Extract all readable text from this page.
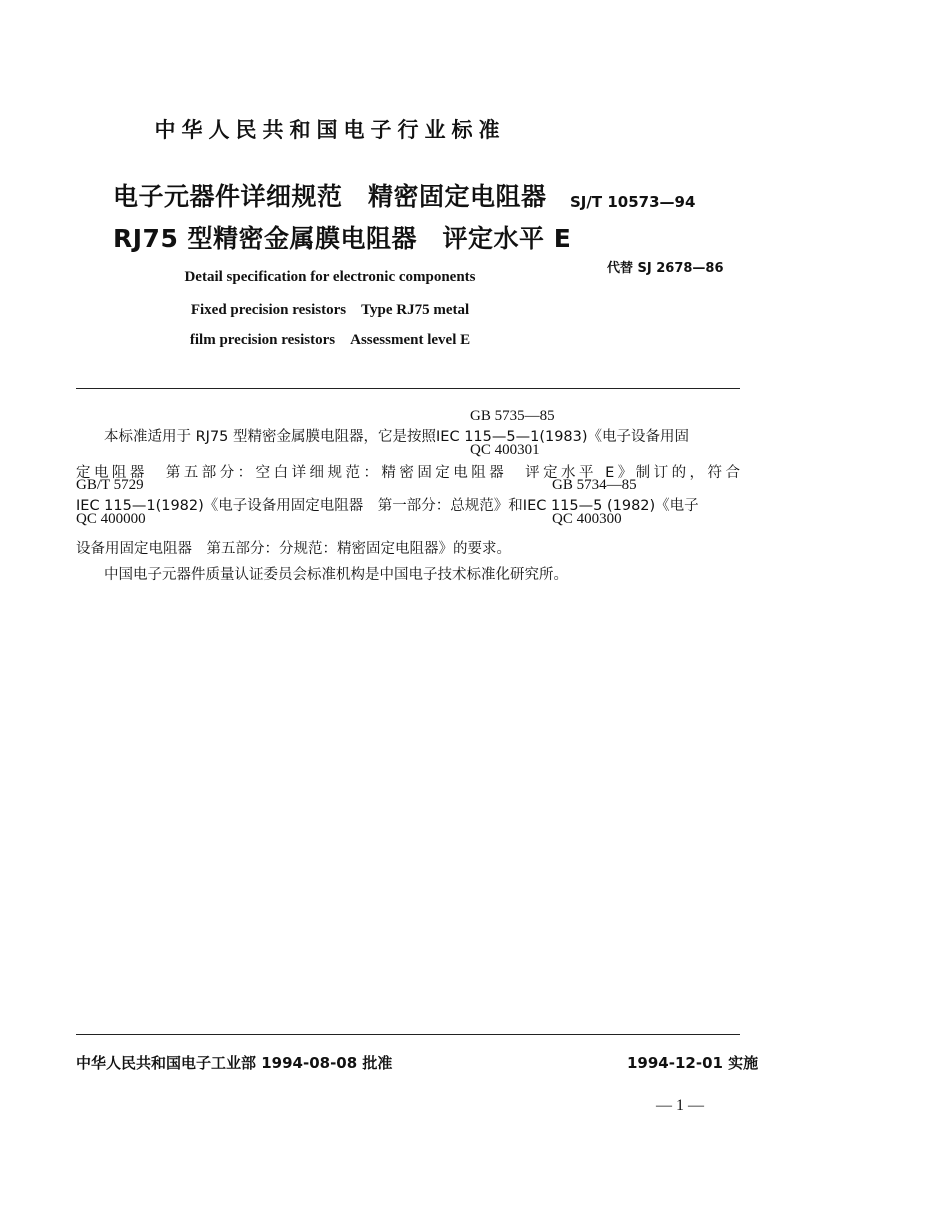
中华人民共和国电子行业标准
电子元器件详细规范　精密固定电阻器
RJ75 型精密金属膜电阻器　评定水平 E
SJ/T 10573—94
代替 SJ 2678—86
Detail specification for electronic components
Fixed precision resistors　Type RJ75 metal
film precision resistors　Assessment level E
GB 5735—85
本标准适用于 RJ75 型精密金属膜电阻器，它是按照IEC 115—5—1(1983)《电子设备用固
QC 400301
定电阻器　第五部分：空白详细规范：精密固定电阻器　评定水平 E》制订的，符合
GB/T 5729	GB 5734—85
IEC 115—1(1982)《电子设备用固定电阻器　第一部分：总规范》和IEC 115—5 (1982)《电子
QC 400000	QC 400300
设备用固定电阻器　第五部分：分规范：精密固定电阻器》的要求。
中国电子元器件质量认证委员会标准机构是中国电子技术标准化研究所。
中华人民共和国电子工业部 1994-08-08 批准	1994-12-01 实施
— 1 —
